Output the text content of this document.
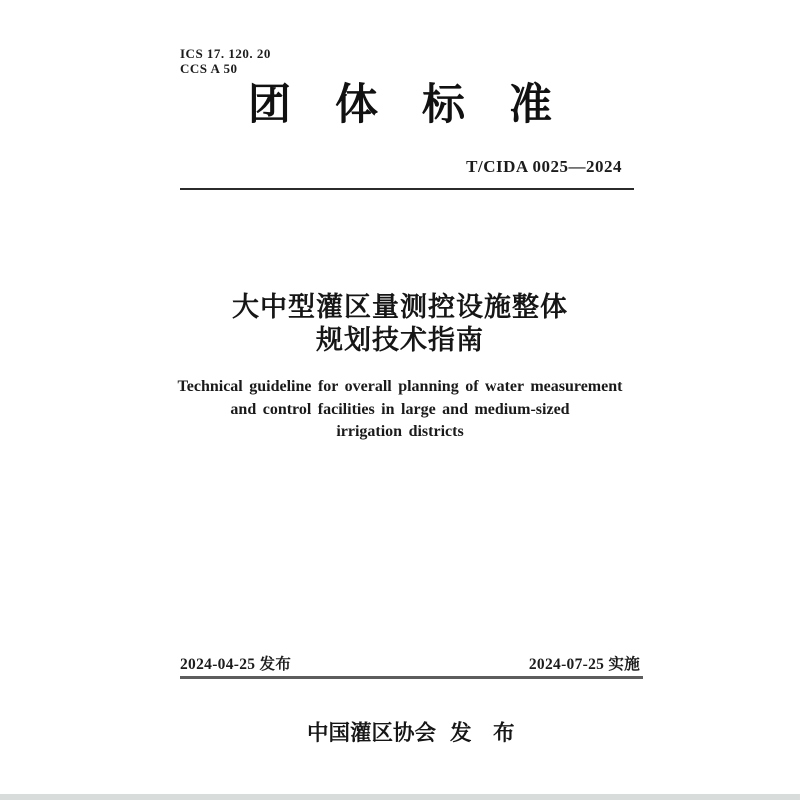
ICS 17. 120. 20
CCS A 50
团体标准
T/CIDA 0025—2024
大中型灌区量测控设施整体
规划技术指南
Technical guideline for overall planning of water measurement
and control facilities in large and medium-sized
irrigation districts
2024-04-25 发布	2024-07-25 实施

中国灌区协会 发　布
